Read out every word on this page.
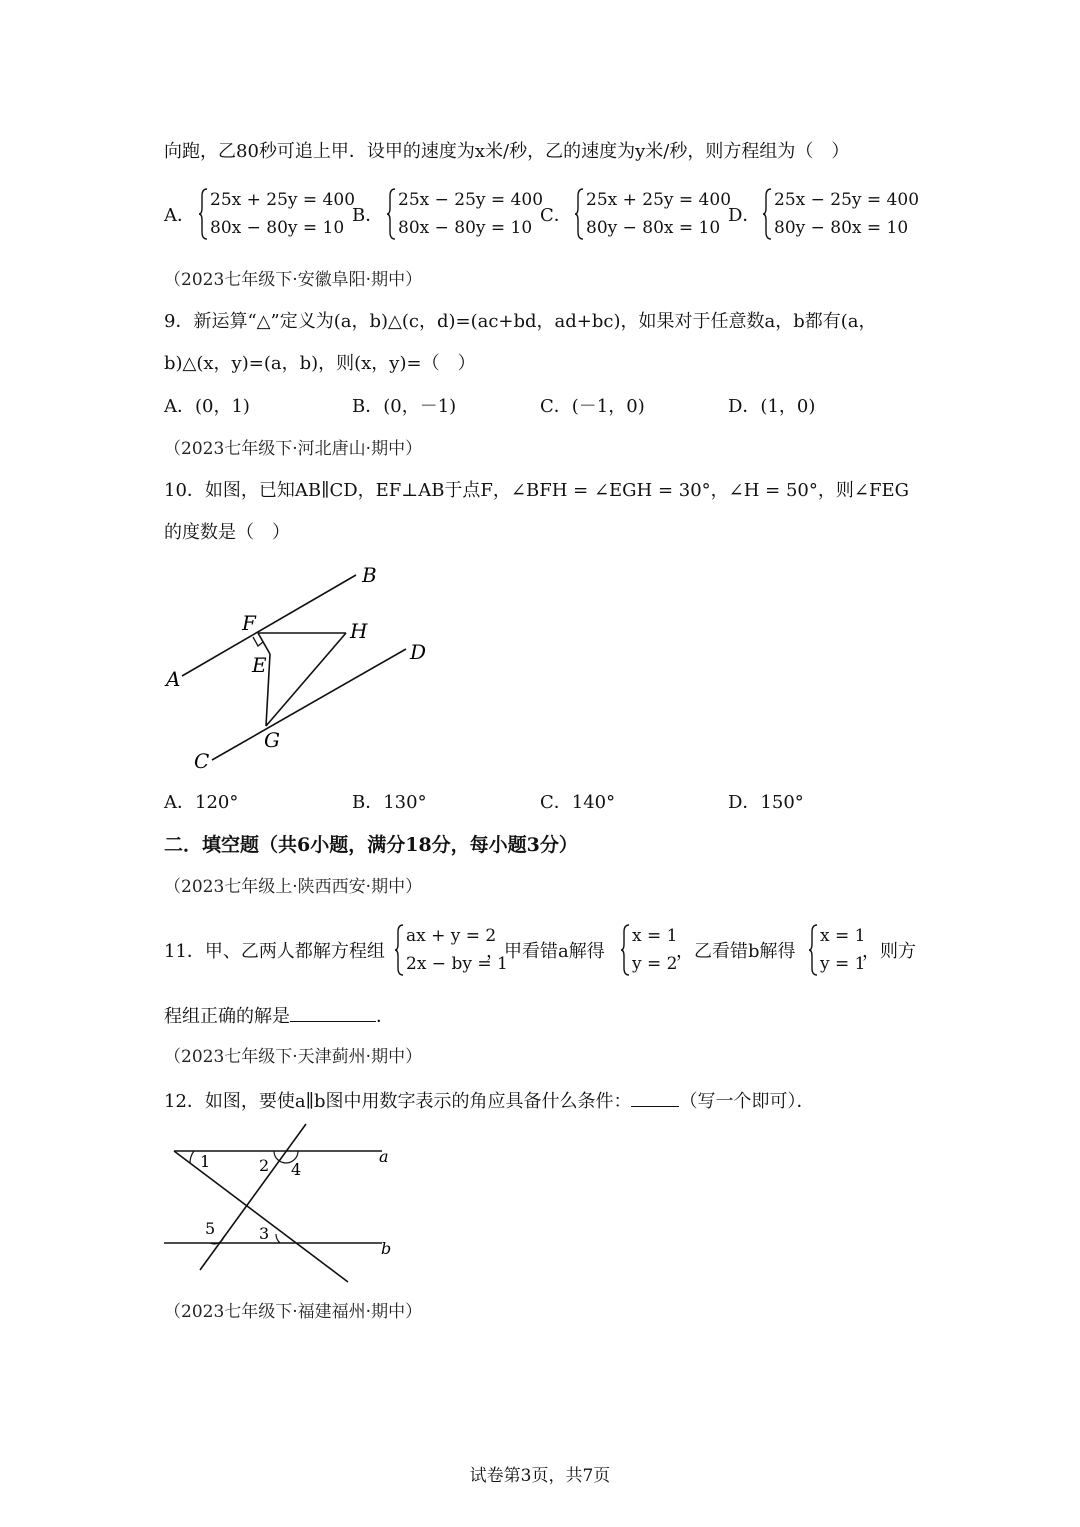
向跑，乙80秒可追上甲．设甲的速度为x米/秒，乙的速度为y米/秒，则方程组为（　）
A．
25x + 25y = 400
80x − 80y = 10
B．
25x − 25y = 400
80x − 80y = 10
C．
25x + 25y = 400
80y − 80x = 10
D．
25x − 25y = 400
80y − 80x = 10
（2023七年级下·安徽阜阳·期中）
9．新运算“△”定义为(a，b)△(c，d)=(ac+bd，ad+bc)，如果对于任意数a，b都有(a，
b)△(x，y)=(a，b)，则(x，y)=（　）
A．(0，1)	B．(0，－1)	C．(－1，0)	D．(1，0)
（2023七年级下·河北唐山·期中）
10．如图，已知AB∥CD，EF⊥AB于点F，∠BFH = ∠EGH = 30°，∠H = 50°，则∠FEG
的度数是（　）
B
F	H
D
E
A
G
C
A．120°	B．130°	C．140°	D．150°
二．填空题（共6小题，满分18分，每小题3分）
（2023七年级上·陕西西安·期中）
11．甲、乙两人都解方程组
ax + y = 2
2x − by = 1
，甲看错a解得
x = 1
y = 2
，乙看错b解得
x = 1
y = 1
，则方
程组正确的解是	．
（2023七年级下·天津蓟州·期中）
12．如图，要使a∥b图中用数字表示的角应具备什么条件：	（写一个即可）．
1	2 4
5	3
a
b
（2023七年级下·福建福州·期中）
试卷第3页，共7页
